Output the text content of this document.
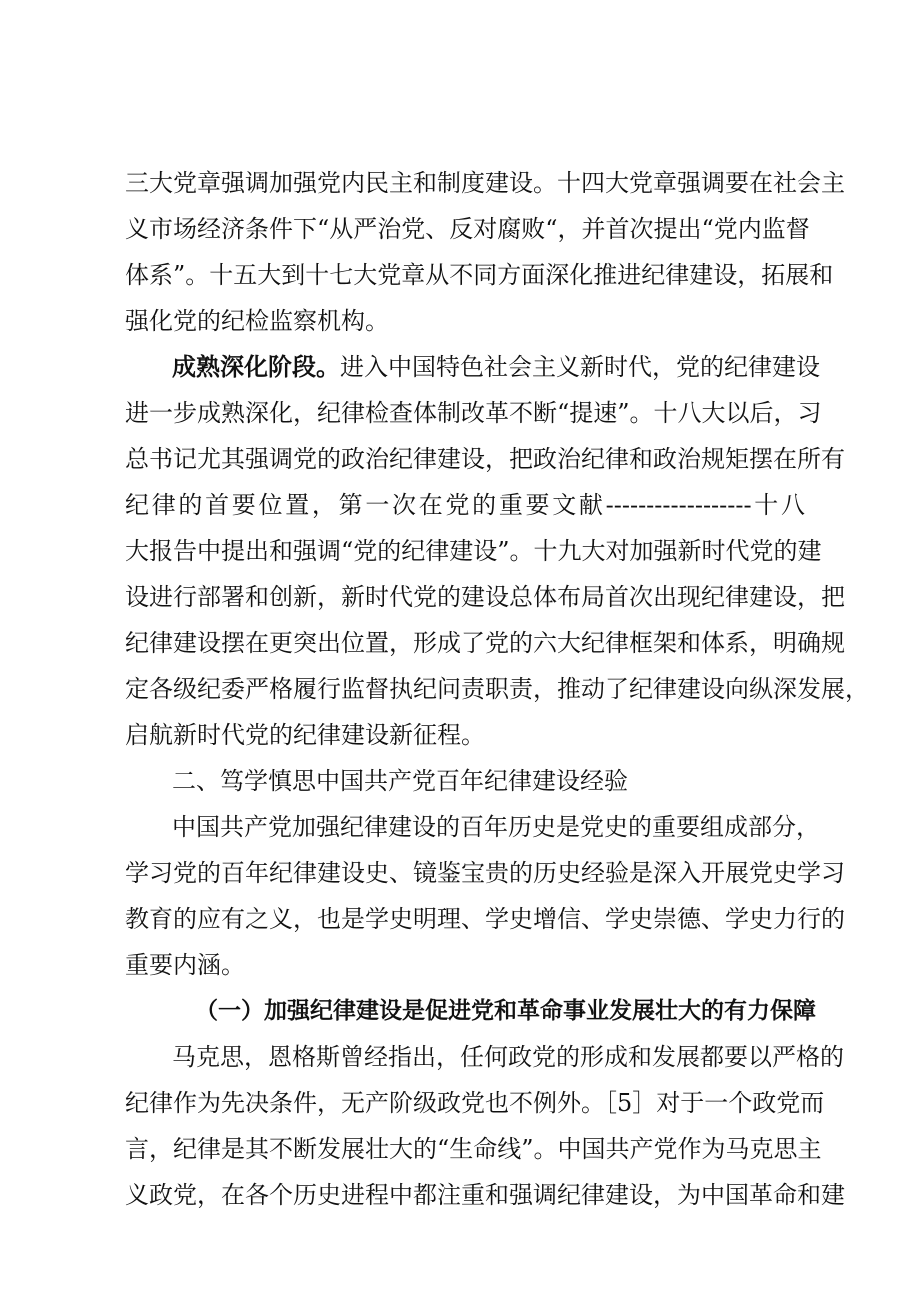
三大党章强调加强党内民主和制度建设。十四大党章强调要在社会主
义市场经济条件下“从严治党、反对腐败“，并首次提出“党内监督
体系”。十五大到十七大党章从不同方面深化推进纪律建设，拓展和
强化党的纪检监察机构。
成熟深化阶段。进入中国特色社会主义新时代，党的纪律建设
进一步成熟深化，纪律检查体制改革不断“提速”。十八大以后，习
总书记尤其强调党的政治纪律建设，把政治纪律和政治规矩摆在所有
纪律的首要位置，第一次在党的重要文献------------------十八
大报告中提出和强调“党的纪律建设”。十九大对加强新时代党的建
设进行部署和创新，新时代党的建设总体布局首次出现纪律建设，把
纪律建设摆在更突出位置，形成了党的六大纪律框架和体系，明确规
定各级纪委严格履行监督执纪问责职责，推动了纪律建设向纵深发展，
启航新时代党的纪律建设新征程。
二、笃学慎思中国共产党百年纪律建设经验
中国共产党加强纪律建设的百年历史是党史的重要组成部分，
学习党的百年纪律建设史、镜鉴宝贵的历史经验是深入开展党史学习
教育的应有之义，也是学史明理、学史增信、学史崇德、学史力行的
重要内涵。
（一）加强纪律建设是促进党和革命事业发展壮大的有力保障
马克思，恩格斯曾经指出，任何政党的形成和发展都要以严格的
纪律作为先决条件，无产阶级政党也不例外。［5］对于一个政党而
言，纪律是其不断发展壮大的“生命线”。中国共产党作为马克思主
义政党，在各个历史进程中都注重和强调纪律建设，为中国革命和建
